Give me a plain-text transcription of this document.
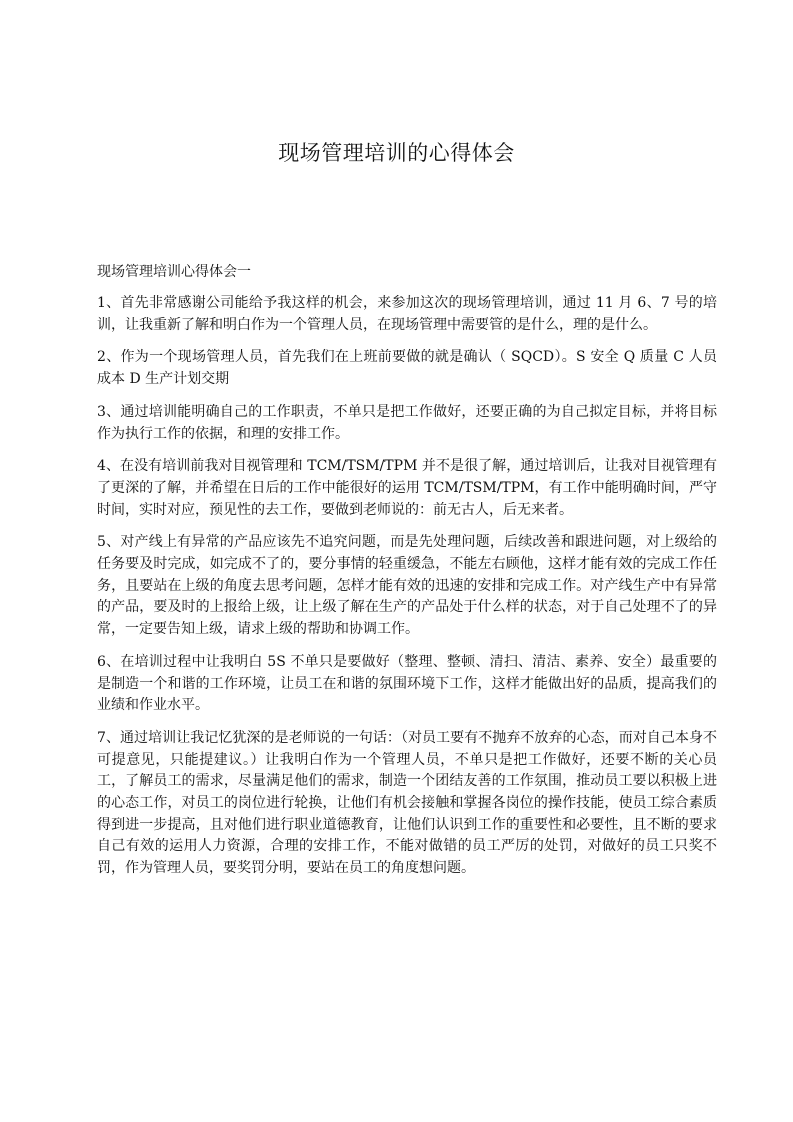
现场管理培训的心得体会

现场管理培训心得体会一

1、首先非常感谢公司能给予我这样的机会，来参加这次的现场管理培训，通过 11 月 6、7 号的培训，让我重新了解和明白作为一个管理人员，在现场管理中需要管的是什么，理的是什么。

2、作为一个现场管理人员，首先我们在上班前要做的就是确认（ SQCD）。S 安全 Q 质量 C 人员成本 D 生产计划交期

3、通过培训能明确自己的工作职责，不单只是把工作做好，还要正确的为自己拟定目标，并将目标作为执行工作的依据，和理的安排工作。

4、在没有培训前我对目视管理和 TCM/TSM/TPM 并不是很了解，通过培训后，让我对目视管理有了更深的了解，并希望在日后的工作中能很好的运用 TCM/TSM/TPM，有工作中能明确时间，严守时间，实时对应，预见性的去工作，要做到老师说的：前无古人，后无来者。

5、对产线上有异常的产品应该先不追究问题，而是先处理问题，后续改善和跟进问题，对上级给的任务要及时完成，如完成不了的，要分事情的轻重缓急，不能左右顾他，这样才能有效的完成工作任务，且要站在上级的角度去思考问题，怎样才能有效的迅速的安排和完成工作。对产线生产中有异常的产品，要及时的上报给上级，让上级了解在生产的产品处于什么样的状态，对于自己处理不了的异常，一定要告知上级，请求上级的帮助和协调工作。

6、在培训过程中让我明白 5S 不单只是要做好（整理、整顿、清扫、清洁、素养、安全）最重要的是制造一个和谐的工作环境，让员工在和谐的氛围环境下工作，这样才能做出好的品质，提高我们的业绩和作业水平。

7、通过培训让我记忆犹深的是老师说的一句话：（对员工要有不抛弃不放弃的心态，而对自己本身不可提意见，只能提建议。）让我明白作为一个管理人员，不单只是把工作做好，还要不断的关心员工，了解员工的需求，尽量满足他们的需求，制造一个团结友善的工作氛围，推动员工要以积极上进的心态工作，对员工的岗位进行轮换，让他们有机会接触和掌握各岗位的操作技能，使员工综合素质得到进一步提高，且对他们进行职业道德教育，让他们认识到工作的重要性和必要性，且不断的要求自己有效的运用人力资源，合理的安排工作，不能对做错的员工严厉的处罚，对做好的员工只奖不罚，作为管理人员，要奖罚分明，要站在员工的角度想问题。
